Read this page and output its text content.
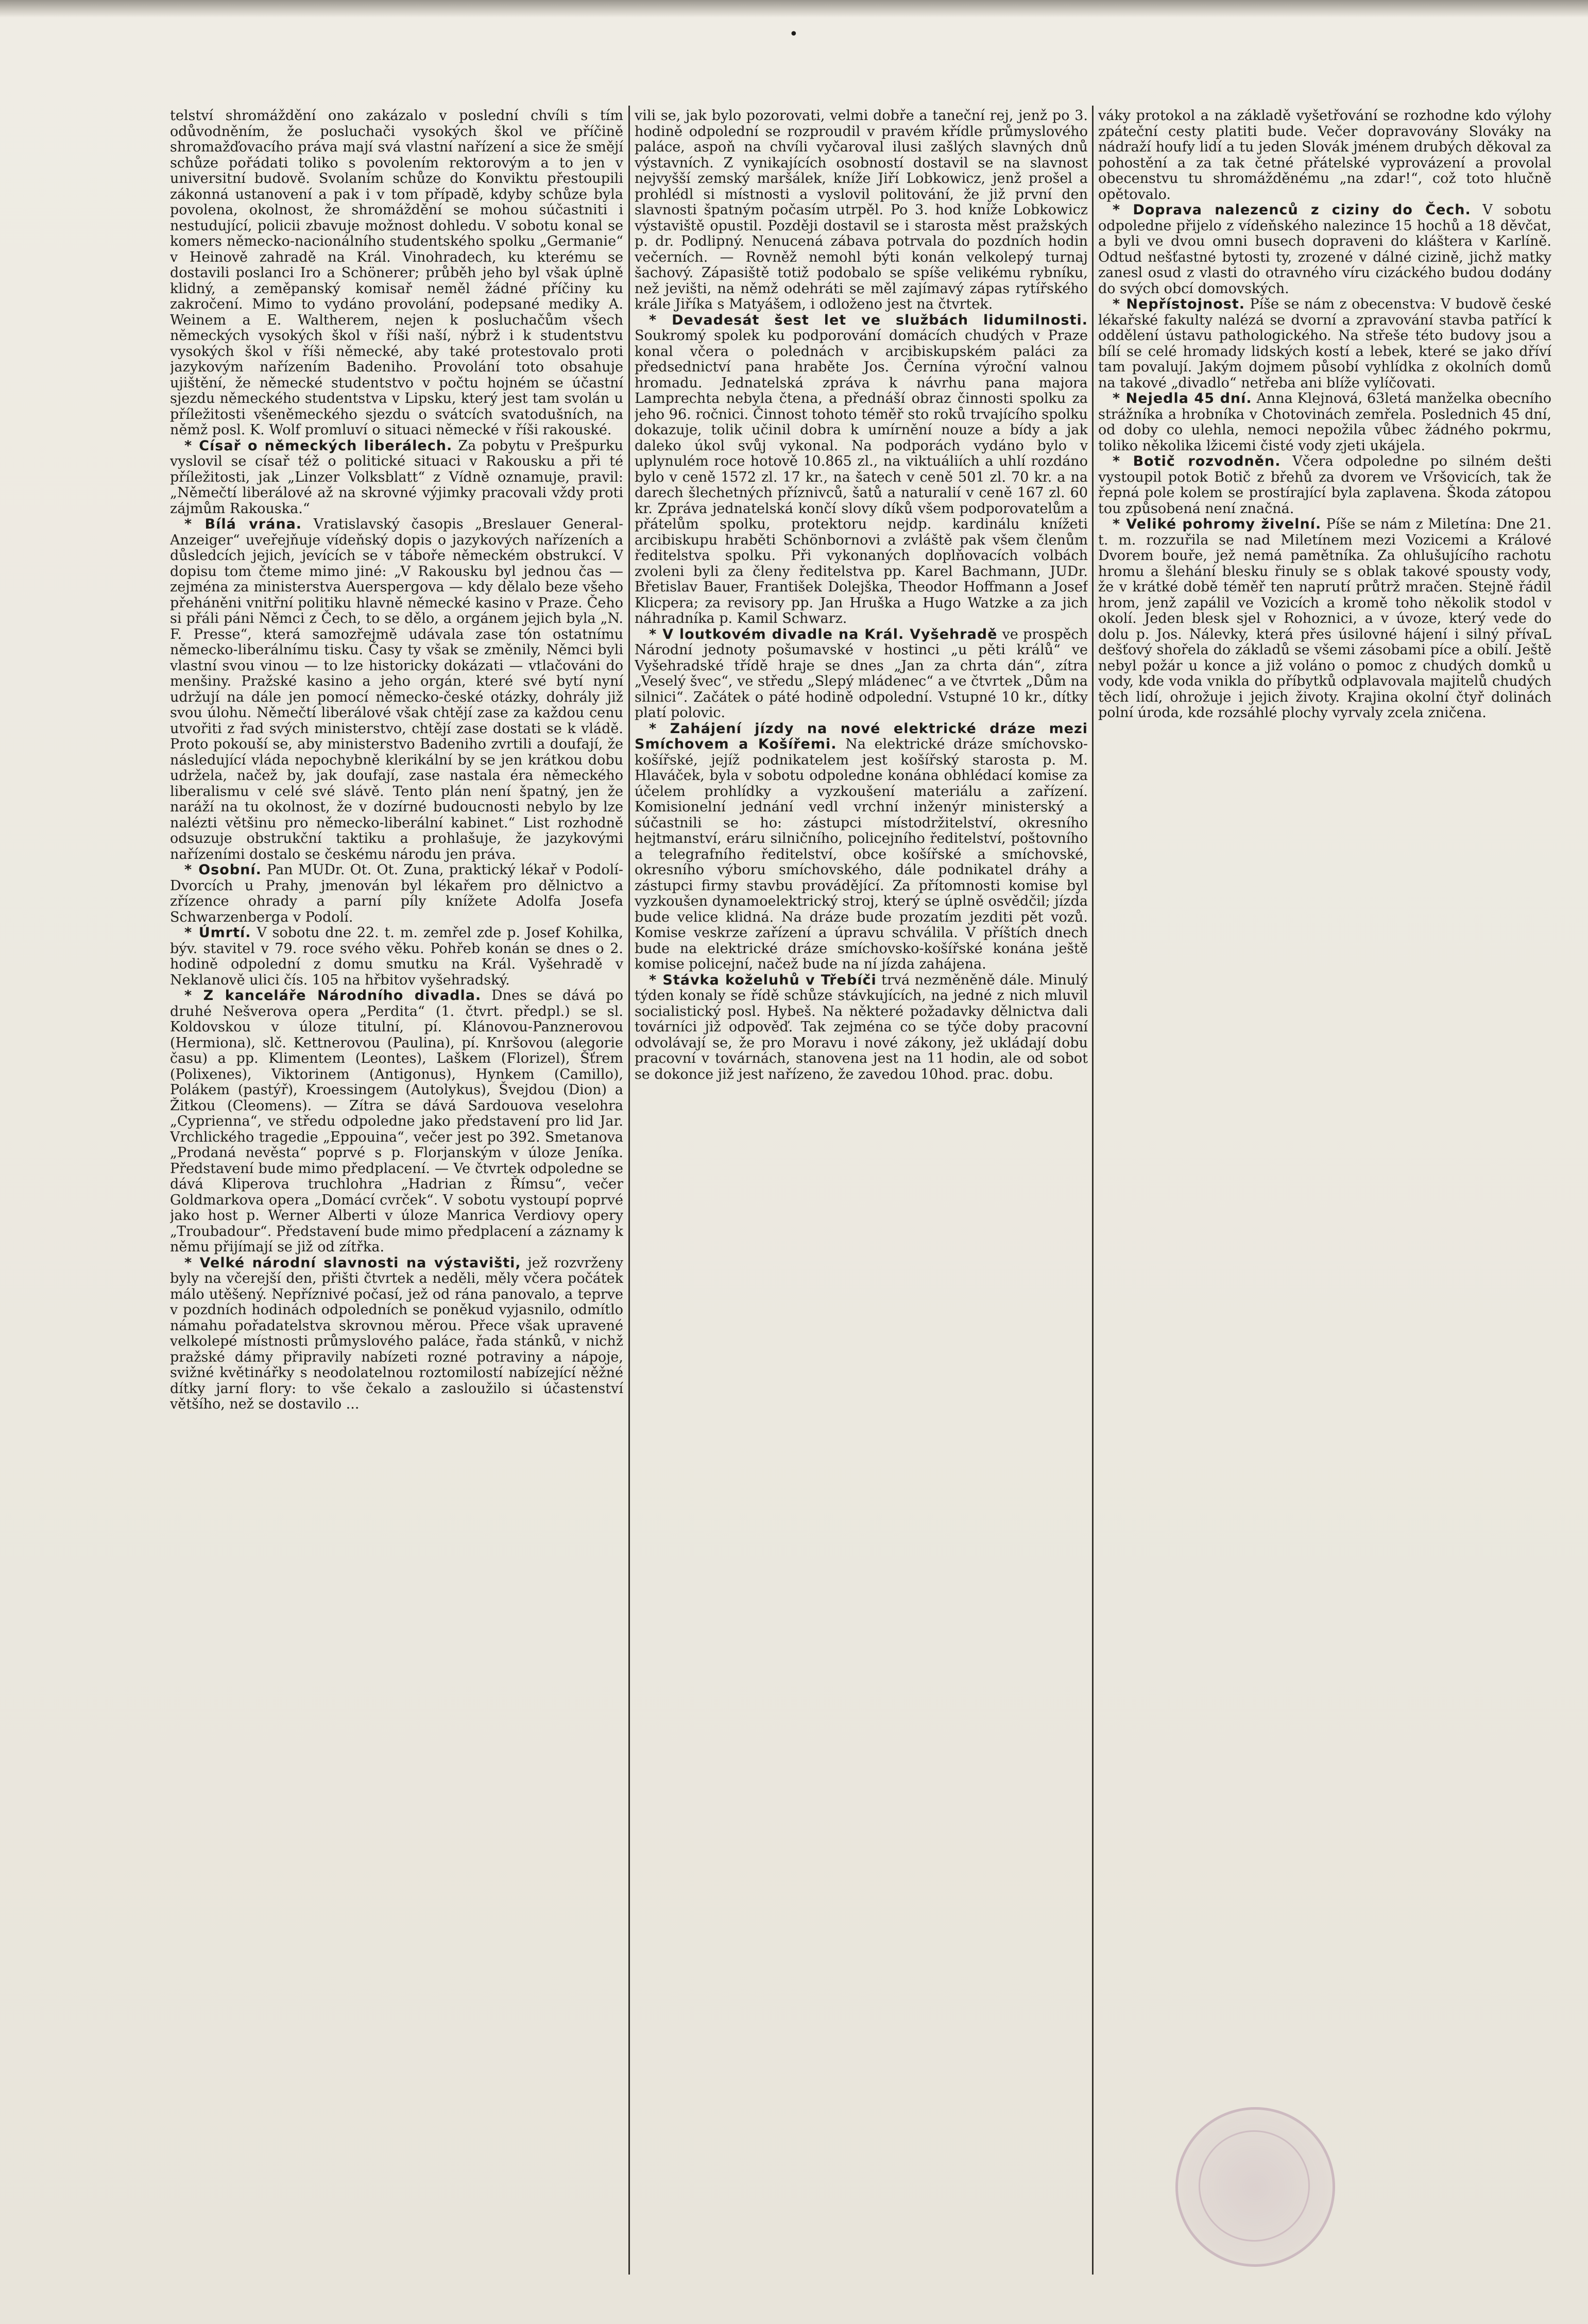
•

telství shromáždění ono zakázalo v poslední chvíli s tím odůvodněním, že posluchači vysokých škol ve příčině shromažďovacího práva mají svá vlastní nařízení a sice že smějí schůze pořádati toliko s povolením rektorovým a to jen v universitní budově. Svolaním schůze do Konviktu přestoupili zákonná ustanovení a pak i v tom případě, kdyby schůze byla povolena, okolnost, že shromáždění se mohou súčastniti i nestudující, policii zbavuje možnost dohledu. V sobotu konal se komers německo-nacionálního studentského spolku „Germanie“ v Heinově zahradě na Král. Vinohradech, ku kterému se dostavili poslanci Iro a Schönerer; průběh jeho byl však úplně klidný, a zeměpanský komisař neměl žádné příčiny ku zakročení. Mimo to vydáno provolání, podepsané mediky A. Weinem a E. Waltherem, nejen k posluchačům všech německých vysokých škol v říši naší, nýbrž i k studentstvu vysokých škol v říši německé, aby také protestovalo proti jazykovým nařízením Badeniho. Provolání toto obsahuje ujištění, že německé studentstvo v počtu hojném se účastní sjezdu německého studentstva v Lipsku, který jest tam svolán u příležitosti všeněmeckého sjezdu o svátcích svatodušních, na němž posl. K. Wolf promluví o situaci německé v říši rakouské.

* Císař o německých liberálech. Za pobytu v Prešpurku vyslovil se císař též o politické situaci v Rakousku a při té příležitosti, jak „Linzer Volksblatt“ z Vídně oznamuje, pravil: „Němečtí liberálové až na skrovné výjimky pracovali vždy proti zájmům Rakouska.“

* Bílá vrána. Vratislavský časopis „Breslauer General-Anzeiger“ uveřejňuje vídeňský dopis o jazykových nařízeních a důsledcích jejich, jevících se v táboře německém obstrukcí. V dopisu tom čteme mimo jiné: „V Rakousku byl jednou čas — zejména za ministerstva Auerspergova — kdy dělalo beze všeho přeháněni vnitřní politiku hlavně německé kasino v Praze. Čeho si přáli páni Němci z Čech, to se dělo, a orgánem jejich byla „N. F. Presse“, která samozřejmě udávala zase tón ostatnímu německo-liberálnímu tisku. Časy ty však se změnily, Němci byli vlastní svou vinou — to lze historicky dokázati — vtlačováni do menšiny. Pražské kasino a jeho orgán, které své bytí nyní udržují na dále jen pomocí německo-české otázky, dohrály již svou úlohu. Němečtí liberálové však chtějí zase za každou cenu utvořiti z řad svých ministerstvo, chtějí zase dostati se k vládě. Proto pokouší se, aby ministerstvo Badeniho zvrtili a doufají, že následující vláda nepochybně klerikální by se jen krátkou dobu udržela, načež by, jak doufají, zase nastala éra německého liberalismu v celé své slávě. Tento plán není špatný, jen že naráží na tu okolnost, že v dozírné budoucnosti nebylo by lze nalézti většinu pro německo-liberální kabinet.“ List rozhodně odsuzuje obstrukční taktiku a prohlašuje, že jazykovými nařízeními dostalo se českému národu jen práva.

* Osobní. Pan MUDr. Ot. Ot. Zuna, praktický lékař v Podolí-Dvorcích u Prahy, jmenován byl lékařem pro dělnictvo a zřízence ohrady a parní píly knížete Adolfa Josefa Schwarzenberga v Podolí.

* Úmrtí. V sobotu dne 22. t. m. zemřel zde p. Josef Kohilka, býv. stavitel v 79. roce svého věku. Pohřeb konán se dnes o 2. hodině odpolední z domu smutku na Král. Vyšehradě v Neklanově ulici čís. 105 na hřbitov vyšehradský.

* Z kanceláře Národního divadla. Dnes se dává po druhé Nešverova opera „Perdita“ (1. čtvrt. předpl.) se sl. Koldovskou v úloze titulní, pí. Klánovou-Panznerovou (Hermiona), slč. Kettnerovou (Paulina), pí. Knršovou (alegorie času) a pp. Klimentem (Leontes), Laškem (Florizel), Šťrem (Polixenes), Viktorinem (Antigonus), Hynkem (Camillo), Polákem (pastýř), Kroessingem (Autolykus), Švejdou (Dion) a Žitkou (Cleomens). — Zítra se dává Sardouova veselohra „Cyprienna“, ve středu odpoledne jako představení pro lid Jar. Vrchlického tragedie „Eppouina“, večer jest po 392. Smetanova „Prodaná nevěsta“ poprvé s p. Florjanským v úloze Jeníka. Představení bude mimo předplacení. — Ve čtvrtek odpoledne se dává Kliperova truchlohra „Hadrian z Římsu“, večer Goldmarkova opera „Domácí cvrček“. V sobotu vystoupí poprvé jako host p. Werner Alberti v úloze Manrica Verdiovy opery „Troubadour“. Představení bude mimo předplacení a záznamy k němu přijímají se již od zítřka.

* Velké národní slavnosti na výstavišti, jež rozvrženy byly na včerejší den, přišti čtvrtek a neděli, měly včera počátek málo utěšený. Nepříznivé počasí, jež od rána panovalo, a teprve v pozdních hodinách odpoledních se poněkud vyjasnilo, odmítlo námahu pořadatelstva skrovnou měrou. Přece však upravené velkolepé místnosti průmyslového paláce, řada stánků, v nichž pražské dámy připravily nabízeti rozné potraviny a nápoje, svižné květinářky s neodolatelnou roztomilostí nabízející něžné dítky jarní flory: to vše čekalo a zasloužilo si účastenství většího, než se dostavilo ...

vili se, jak bylo pozorovati, velmi dobře a taneční rej, jenž po 3. hodině odpolední se rozproudil v pravém křídle průmyslového paláce, aspoň na chvíli vyčaroval ilusi zašlých slavných dnů výstavních. Z vynikajících osobností dostavil se na slavnost nejvyšší zemský maršálek, kníže Jiří Lobkowicz, jenž prošel a prohlédl si místnosti a vyslovil politování, že již první den slavnosti špatným počasím utrpěl. Po 3. hod kníže Lobkowicz výstaviště opustil. Později dostavil se i starosta měst pražských p. dr. Podlipný. Nenucená zábava potrvala do pozdních hodin večerních. — Rovněž nemohl býti konán velkolepý turnaj šachový. Zápasiště totiž podobalo se spíše velikému rybníku, než jevišti, na němž odehráti se měl zajímavý zápas rytířského krále Jiříka s Matyášem, i odloženo jest na čtvrtek.

* Devadesát šest let ve službách lidumilnosti. Soukromý spolek ku podporování domácích chudých v Praze konal včera o polednách v arcibiskupském paláci za předsednictví pana hraběte Jos. Černína výroční valnou hromadu. Jednatelská zpráva k návrhu pana majora Lamprechta nebyla čtena, a přednáší obraz činnosti spolku za jeho 96. ročnici. Činnost tohoto téměř sto roků trvajícího spolku dokazuje, tolik učinil dobra k umírnění nouze a bídy a jak daleko úkol svůj vykonal. Na podporách vydáno bylo v uplynulém roce hotově 10.865 zl., na viktuáliích a uhlí rozdáno bylo v ceně 1572 zl. 17 kr., na šatech v ceně 501 zl. 70 kr. a na darech šlechetných příznivců, šatů a naturalií v ceně 167 zl. 60 kr. Zpráva jednatelská končí slovy díků všem podporovatelům a přátelům spolku, protektoru nejdp. kardinálu knížeti arcibiskupu hraběti Schönbornovi a zvláště pak všem členům ředitelstva spolku. Při vykonaných doplňovacích volbách zvoleni byli za členy ředitelstva pp. Karel Bachmann, JUDr. Břetislav Bauer, František Dolejška, Theodor Hoffmann a Josef Klicpera; za revisory pp. Jan Hruška a Hugo Watzke a za jich náhradníka p. Kamil Schwarz.

* V loutkovém divadle na Král. Vyšehradě ve prospěch Národní jednoty pošumavské v hostinci „u pěti králů“ ve Vyšehradské třídě hraje se dnes „Jan za chrta dán“, zítra „Veselý švec“, ve středu „Slepý mládenec“ a ve čtvrtek „Dům na silnici“. Začátek o páté hodině odpolední. Vstupné 10 kr., dítky platí polovic.

* Zahájení jízdy na nové elektrické dráze mezi Smíchovem a Košířemi. Na elektrické dráze smíchovsko-košířské, jejíž podnikatelem jest košířský starosta p. M. Hlaváček, byla v sobotu odpoledne konána obhlédací komise za účelem prohlídky a vyzkoušení materiálu a zařízení. Komisionelní jednání vedl vrchní inženýr ministerský a súčastnili se ho: zástupci místodržitelství, okresního hejtmanství, eráru silničního, policejního ředitelství, poštovního a telegrafního ředitelství, obce košířské a smíchovské, okresního výboru smíchovského, dále podnikatel dráhy a zástupci firmy stavbu provádějící. Za přítomnosti komise byl vyzkoušen dynamoelektrický stroj, který se úplně osvědčil; jízda bude velice klidná. Na dráze bude prozatím jezditi pět vozů. Komise veskrze zařízení a úpravu schválila. V příštích dnech bude na elektrické dráze smíchovsko-košířské konána ještě komise policejní, načež bude na ní jízda zahájena.

* Stávka koželuhů v Třebíči trvá nezměněně dále. Minulý týden konaly se řídě schůze stávkujících, na jedné z nich mluvil socialistický posl. Hybeš. Na některé požadavky dělnictva dali továrníci již odpověď. Tak zejména co se týče doby pracovní odvolávají se, že pro Moravu i nové zákony, jež ukládají dobu pracovní v továrnách, stanovena jest na 11 hodin, ale od sobot se dokonce již jest nařízeno, že zavedou 10hod. prac. dobu.

váky protokol a na základě vyšetřování se rozhodne kdo výlohy zpáteční cesty platiti bude. Večer dopravovány Slováky na nádraží houfy lidí a tu jeden Slovák jménem drubých děkoval za pohostění a za tak četné přátelské vyprovázení a provolal obecenstvu tu shromážděnému „na zdar!“, což toto hlučně opětovalo.

* Doprava nalezenců z ciziny do Čech. V sobotu odpoledne přijelo z vídeňského nalezince 15 hochů a 18 děvčat, a byli ve dvou omni busech dopraveni do kláštera v Karlíně. Odtud nešťastné bytosti ty, zrozené v dálné cizině, jichž matky zanesl osud z vlasti do otravného víru cizáckého budou dodány do svých obcí domovských.

* Nepřístojnost. Píše se nám z obecenstva: V budově české lékařské fakulty nalézá se dvorní a zpravování stavba patřící k oddělení ústavu pathologického. Na střeše této budovy jsou a bílí se celé hromady lidských kostí a lebek, které se jako dříví tam povalují. Jakým dojmem působí vyhlídka z okolních domů na takové „divadlo“ netřeba ani blíže vylíčovati.

* Nejedla 45 dní. Anna Klejnová, 63letá manželka obecního strážníka a hrobníka v Chotovinách zemřela. Poslednich 45 dní, od doby co ulehla, nemoci nepožila vůbec žádného pokrmu, toliko několika lžicemi čisté vody zjeti ukájela.

* Botič rozvodněn. Včera odpoledne po silném dešti vystoupil potok Botič z břehů za dvorem ve Vršovicích, tak že řepná pole kolem se prostírající byla zaplavena. Škoda zátopou tou způsobená není značná.

* Veliké pohromy živelní. Píše se nám z Miletína: Dne 21. t. m. rozzuřila se nad Miletínem mezi Vozicemi a Králové Dvorem bouře, jež nemá pamětníka. Za ohlušujícího rachotu hromu a šlehání blesku řinuly se s oblak takové spousty vody, že v krátké době téměř ten naprutí průtrž mračen. Stejně řádil hrom, jenž zapálil ve Vozicích a kromě toho několik stodol v okolí. Jeden blesk sjel v Rohoznici, a v úvoze, který vede do dolu p. Jos. Nálevky, která přes úsilovné hájení i silný přívaL dešťový shořela do základů se všemi zásobami píce a obilí. Ještě nebyl požár u konce a již voláno o pomoc z chudých domků u vody, kde voda vnikla do příbytků odplavovala majitelů chudých těch lidí, ohrožuje i jejich životy. Krajina okolní čtyř dolinách polní úroda, kde rozsáhlé plochy vyrvaly zcela zničena.
